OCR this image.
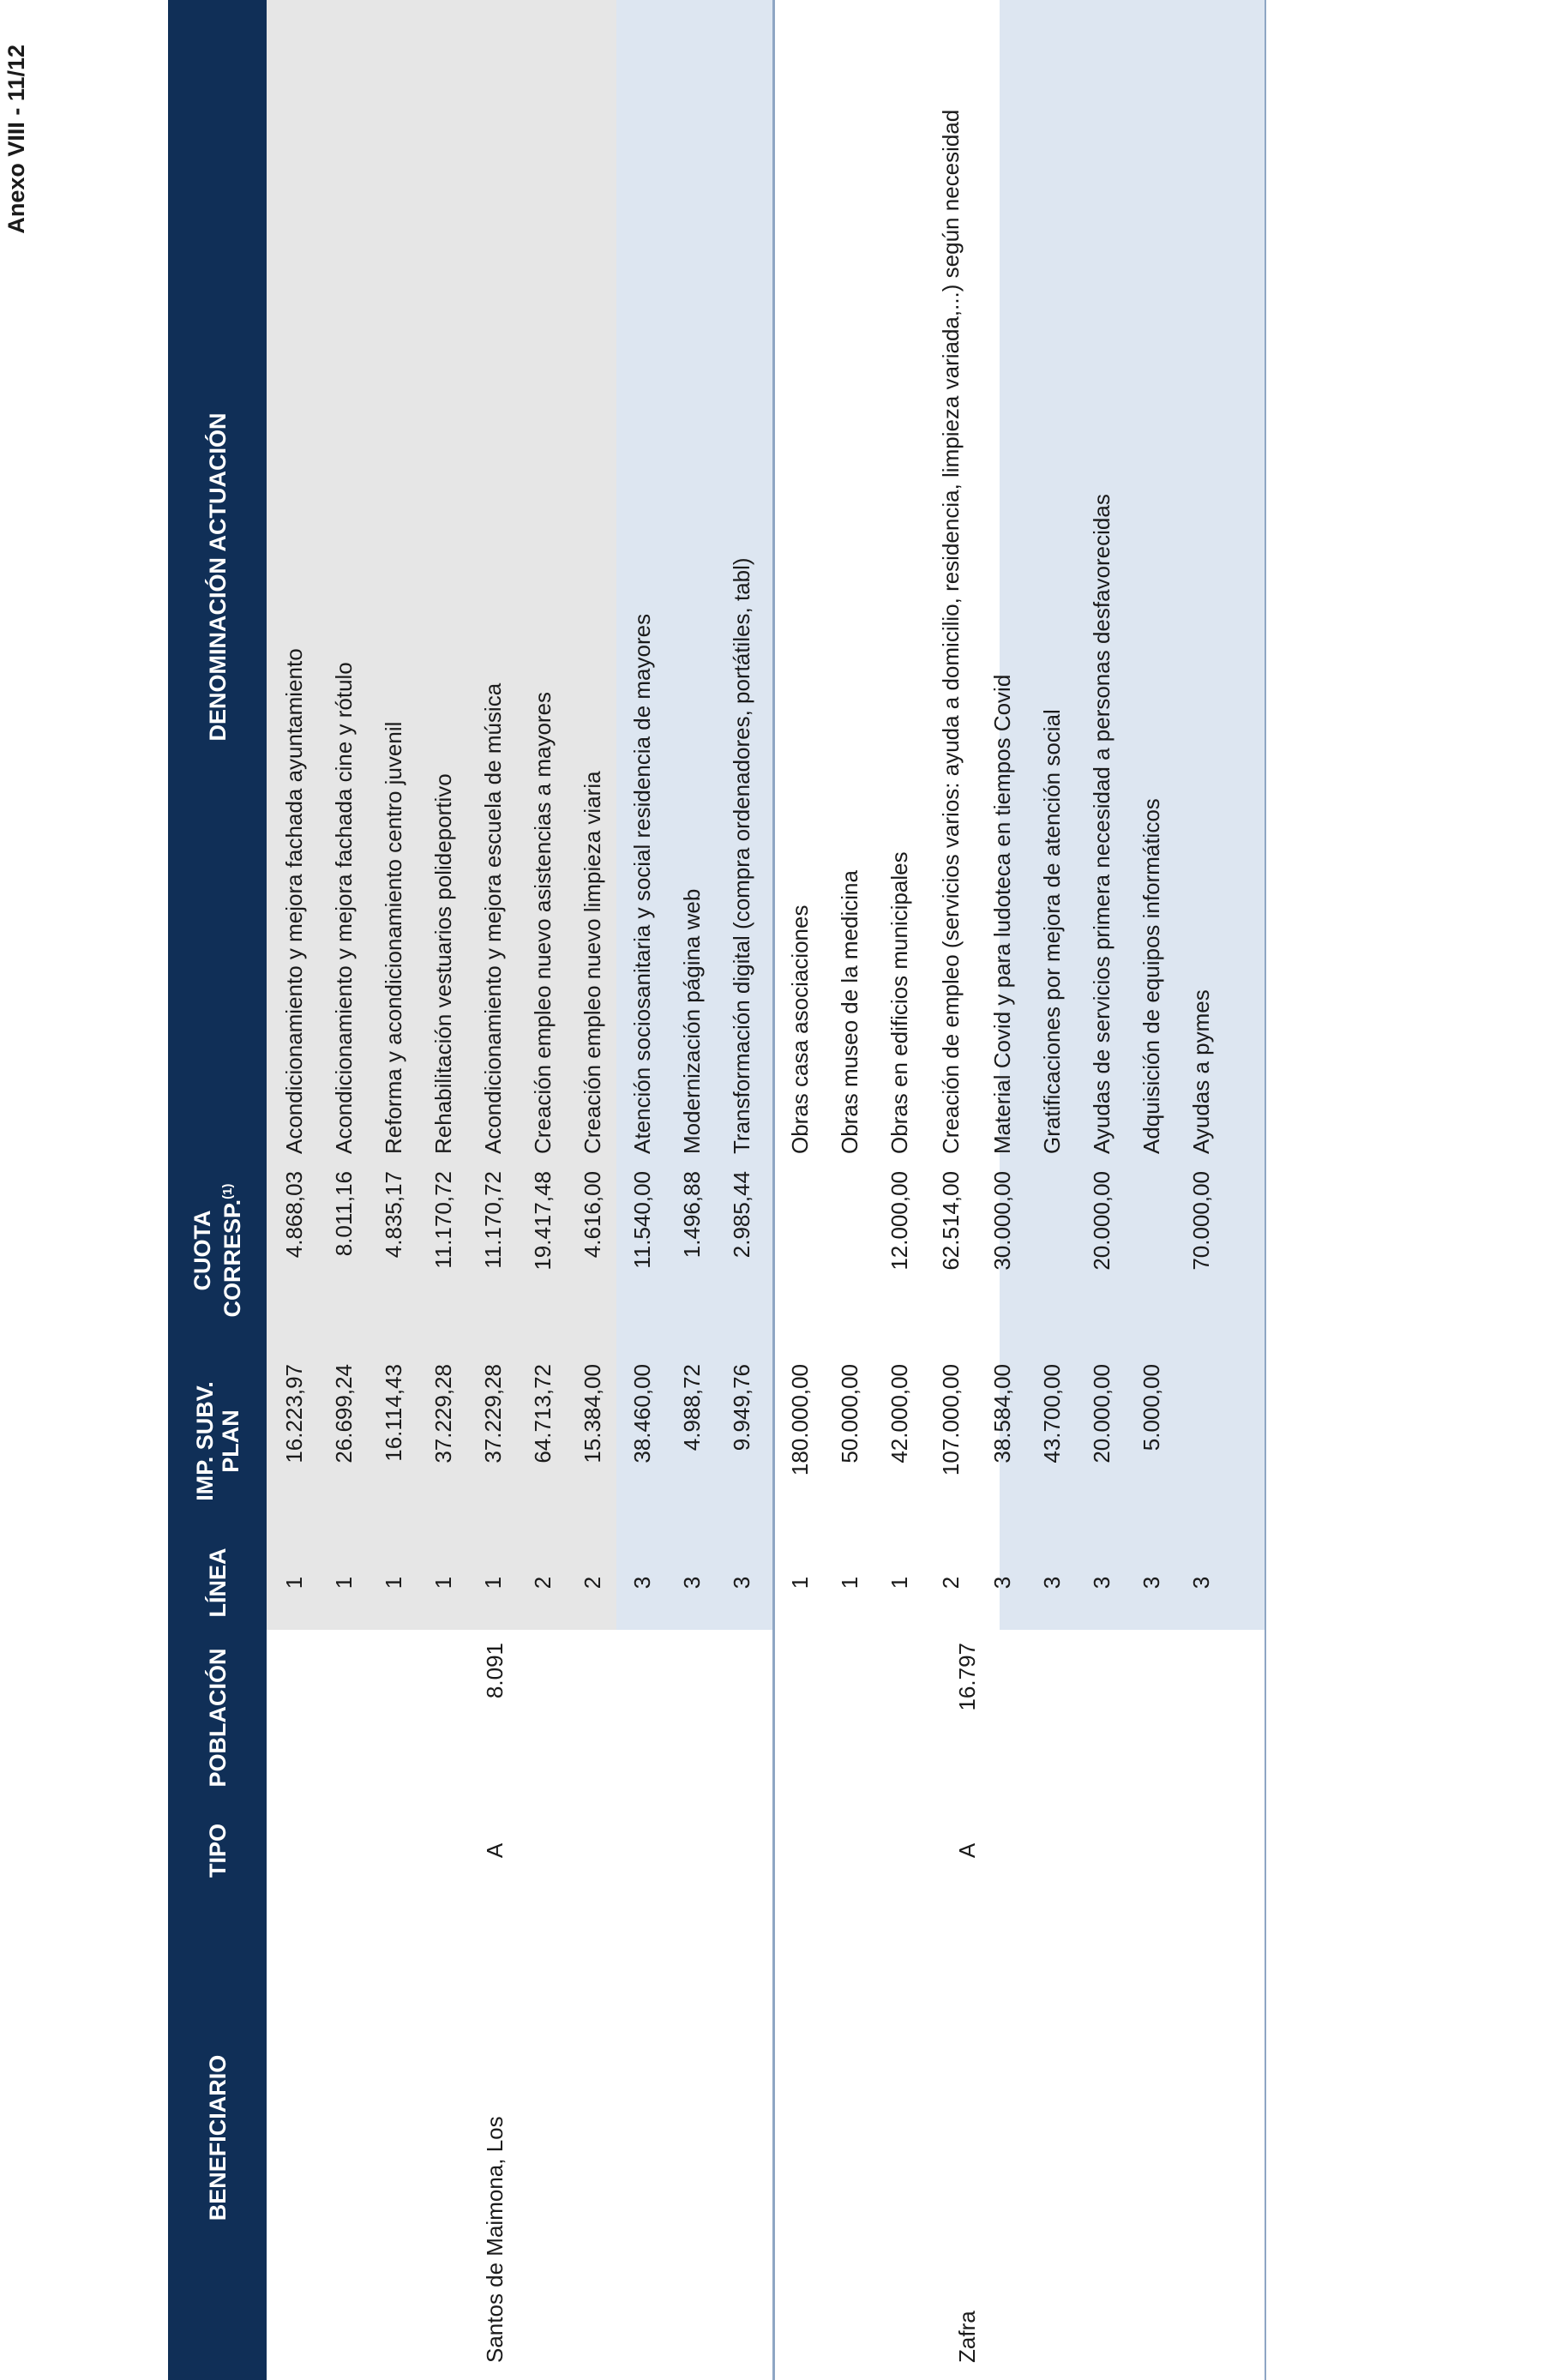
Anexo VIII - 11/12
BENEFICIARIO
TIPO
POBLACIÓN
LÍNEA
IMP. SUBV. PLAN
CUOTA CORRESP.$^{(1)}$
DENOMINACIÓN ACTUACIÓN
1
16.223,97
4.868,03
Acondicionamiento y mejora fachada ayuntamiento
1
26.699,24
8.011,16
Acondicionamiento y mejora fachada cine y rótulo
1
16.114,43
4.835,17
Reforma y acondicionamiento centro juvenil
1
37.229,28
11.170,72
Rehabilitación vestuarios polideportivo
1
37.229,28
11.170,72
Acondicionamiento y mejora escuela de música
2
64.713,72
19.417,48
Creación empleo nuevo asistencias a mayores
2
15.384,00
4.616,00
Creación empleo nuevo limpieza viaria
3
38.460,00
11.540,00
Atención sociosanitaria y social residencia de mayores
3
4.988,72
1.496,88
Modernización página web
3
9.949,76
2.985,44
Transformación digital (compra ordenadores, portátiles, tabl)
Santos de Maimona, Los
A
8.091
1
180.000,00
Obras casa asociaciones
1
50.000,00
Obras museo de la medicina
1
42.000,00
12.000,00
Obras en edificios municipales
2
107.000,00
62.514,00
Creación de empleo (servicios varios: ayuda a domicilio, residencia, limpieza variada,...) según necesidad
3
38.584,00
30.000,00
Material Covid y para ludoteca en tiempos Covid
3
43.700,00
Gratificaciones por mejora de atención social
3
20.000,00
20.000,00
Ayudas de servicios primera necesidad a personas desfavorecidas
3
5.000,00
Adquisición de equipos informáticos
3
70.000,00
Ayudas a pymes
Zafra
A
16.797
